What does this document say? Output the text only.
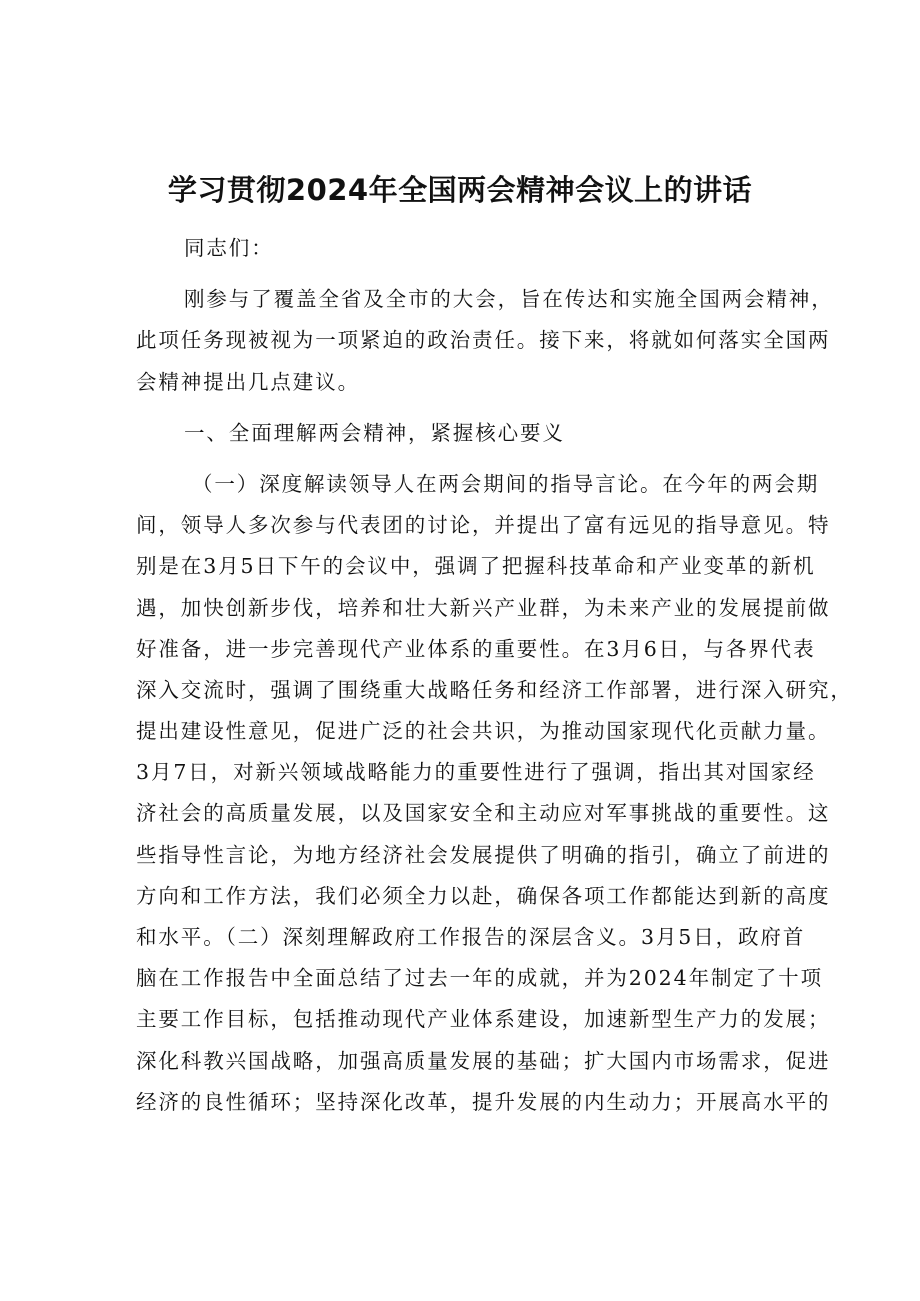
学习贯彻2024年全国两会精神会议上的讲话
同志们：
刚参与了覆盖全省及全市的大会，旨在传达和实施全国两会精神，
此项任务现被视为一项紧迫的政治责任。接下来，将就如何落实全国两
会精神提出几点建议。
一、全面理解两会精神，紧握核心要义
（一）深度解读领导人在两会期间的指导言论。在今年的两会期
间，领导人多次参与代表团的讨论，并提出了富有远见的指导意见。特
别是在3月5日下午的会议中，强调了把握科技革命和产业变革的新机
遇，加快创新步伐，培养和壮大新兴产业群，为未来产业的发展提前做
好准备，进一步完善现代产业体系的重要性。在3月6日，与各界代表
深入交流时，强调了围绕重大战略任务和经济工作部署，进行深入研究，
提出建设性意见，促进广泛的社会共识，为推动国家现代化贡献力量。
3月7日，对新兴领域战略能力的重要性进行了强调，指出其对国家经
济社会的高质量发展，以及国家安全和主动应对军事挑战的重要性。这
些指导性言论，为地方经济社会发展提供了明确的指引，确立了前进的
方向和工作方法，我们必须全力以赴，确保各项工作都能达到新的高度
和水平。（二）深刻理解政府工作报告的深层含义。3月5日，政府首
脑在工作报告中全面总结了过去一年的成就，并为2024年制定了十项
主要工作目标，包括推动现代产业体系建设，加速新型生产力的发展；
深化科教兴国战略，加强高质量发展的基础；扩大国内市场需求，促进
经济的良性循环；坚持深化改革，提升发展的内生动力；开展高水平的
